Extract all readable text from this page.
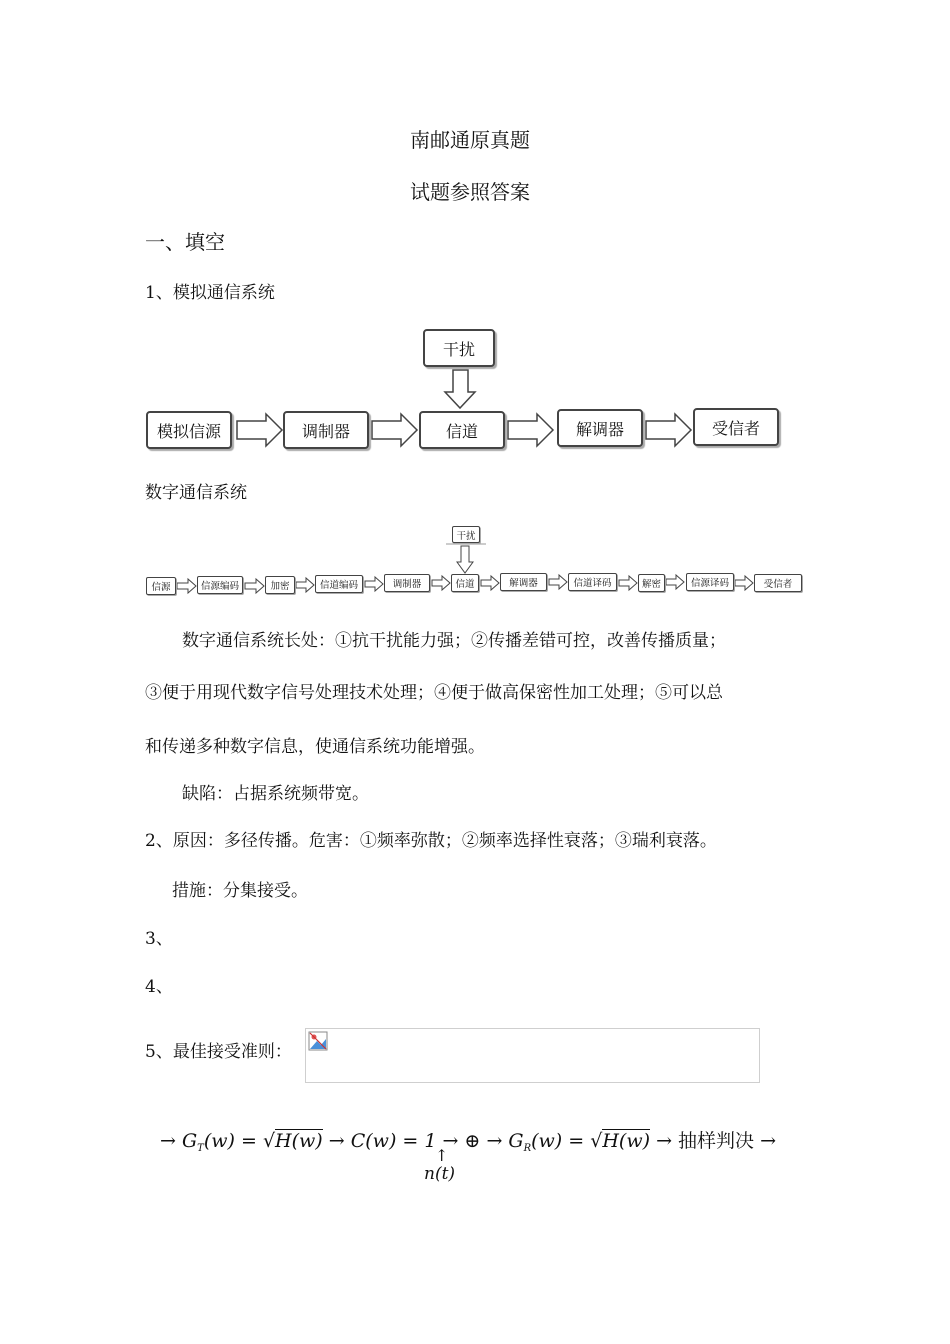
南邮通原真题
试题参照答案
一、填空
1、模拟通信系统
干扰
模拟信源	调制器	信道	解调器	受信者
数字通信系统
干扰
信源	信源编码	加密	信道编码	调制器	信道	解调器	信道译码	解密	信源译码	受信者
数字通信系统长处：①抗干扰能力强；②传播差错可控，改善传播质量；
③便于用现代数字信号处理技术处理；④便于做高保密性加工处理；⑤可以总
和传递多种数字信息，使通信系统功能增强。
缺陷：占据系统频带宽。
2、原因：多径传播。危害：①频率弥散；②频率选择性衰落；③瑞利衰落。
措施：分集接受。
3、
4、
5、最佳接受准则：
→ $G_T(w) = √H(w) \to C(w) = 1$ → ⊕ → $G_R(w) = √H(w)$ → 抽样判决 →
↑
n(t)
